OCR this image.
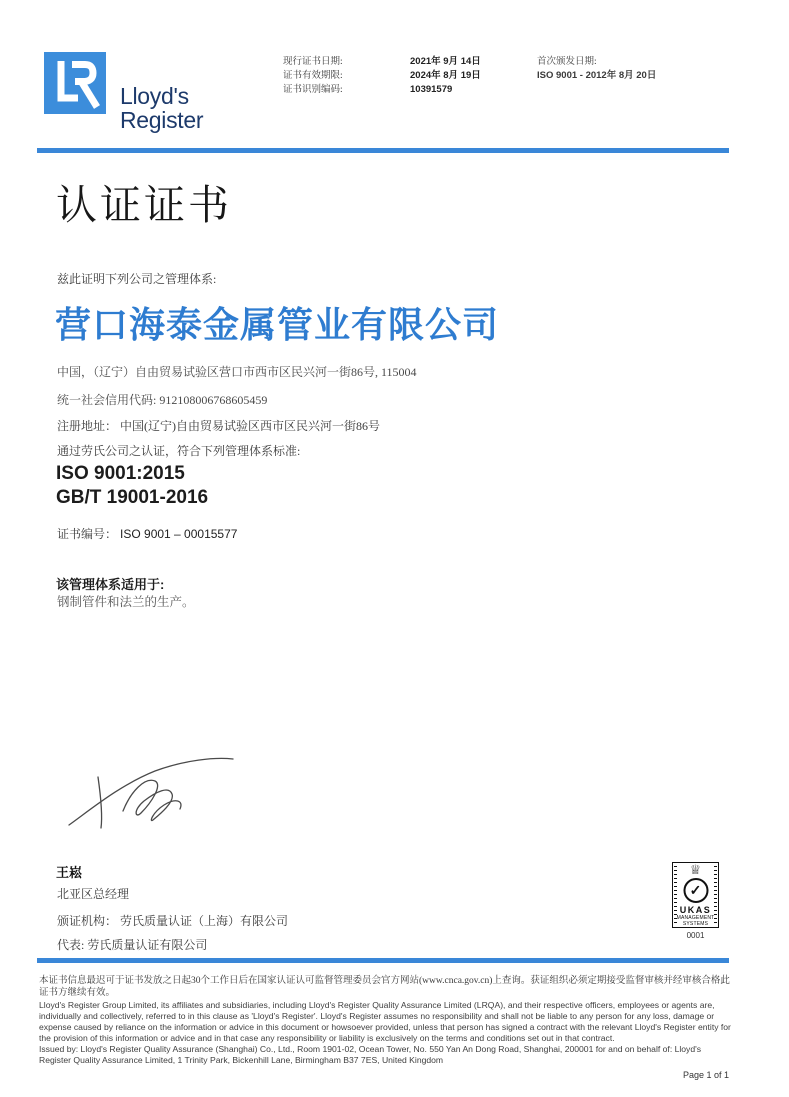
Lloyd's
Register
现行证书日期:
证书有效期限:
证书识别编码:
2021年 9月 14日
2024年 8月 19日
10391579
首次颁发日期:
ISO 9001 - 2012年 8月 20日
认证证书
兹此证明下列公司之管理体系:
营口海泰金属管业有限公司
中国，（辽宁）自由贸易试验区营口市西市区民兴河一街86号, 115004
统一社会信用代码: 912108006768605459
注册地址： 中国(辽宁)自由贸易试验区西市区民兴河一街86号
通过劳氏公司之认证，符合下列管理体系标准:
ISO 9001:2015
GB/T 19001-2016
证书编号： ISO 9001 – 00015577
该管理体系适用于:
钢制管件和法兰的生产。
王崧
北亚区总经理
颁证机构： 劳氏质量认证（上海）有限公司
代表: 劳氏质量认证有限公司
♕
✓
UKAS
MANAGEMENT
SYSTEMS
0001
本证书信息最迟可于证书发放之日起30个工作日后在国家认证认可监督管理委员会官方网站(www.cnca.gov.cn)上查询。获证组织必须定期接受监督审核并经审核合格此证书方继续有效。
Lloyd's Register Group Limited, its affiliates and subsidiaries, including Lloyd's Register Quality Assurance Limited (LRQA), and their respective officers, employees or agents are, individually and collectively, referred to in this clause as 'Lloyd's Register'. Lloyd's Register assumes no responsibility and shall not be liable to any person for any loss, damage or expense caused by reliance on the information or advice in this document or howsoever provided, unless that person has signed a contract with the relevant Lloyd's Register entity for the provision of this information or advice and in that case any responsibility or liability is exclusively on the terms and conditions set out in that contract.
Issued by: Lloyd's Register Quality Assurance (Shanghai) Co., Ltd., Room 1901-02, Ocean Tower, No. 550 Yan An Dong Road, Shanghai, 200001 for and on behalf of: Lloyd's Register Quality Assurance Limited, 1 Trinity Park, Bickenhill Lane, Birmingham B37 7ES, United Kingdom
Page 1 of 1
